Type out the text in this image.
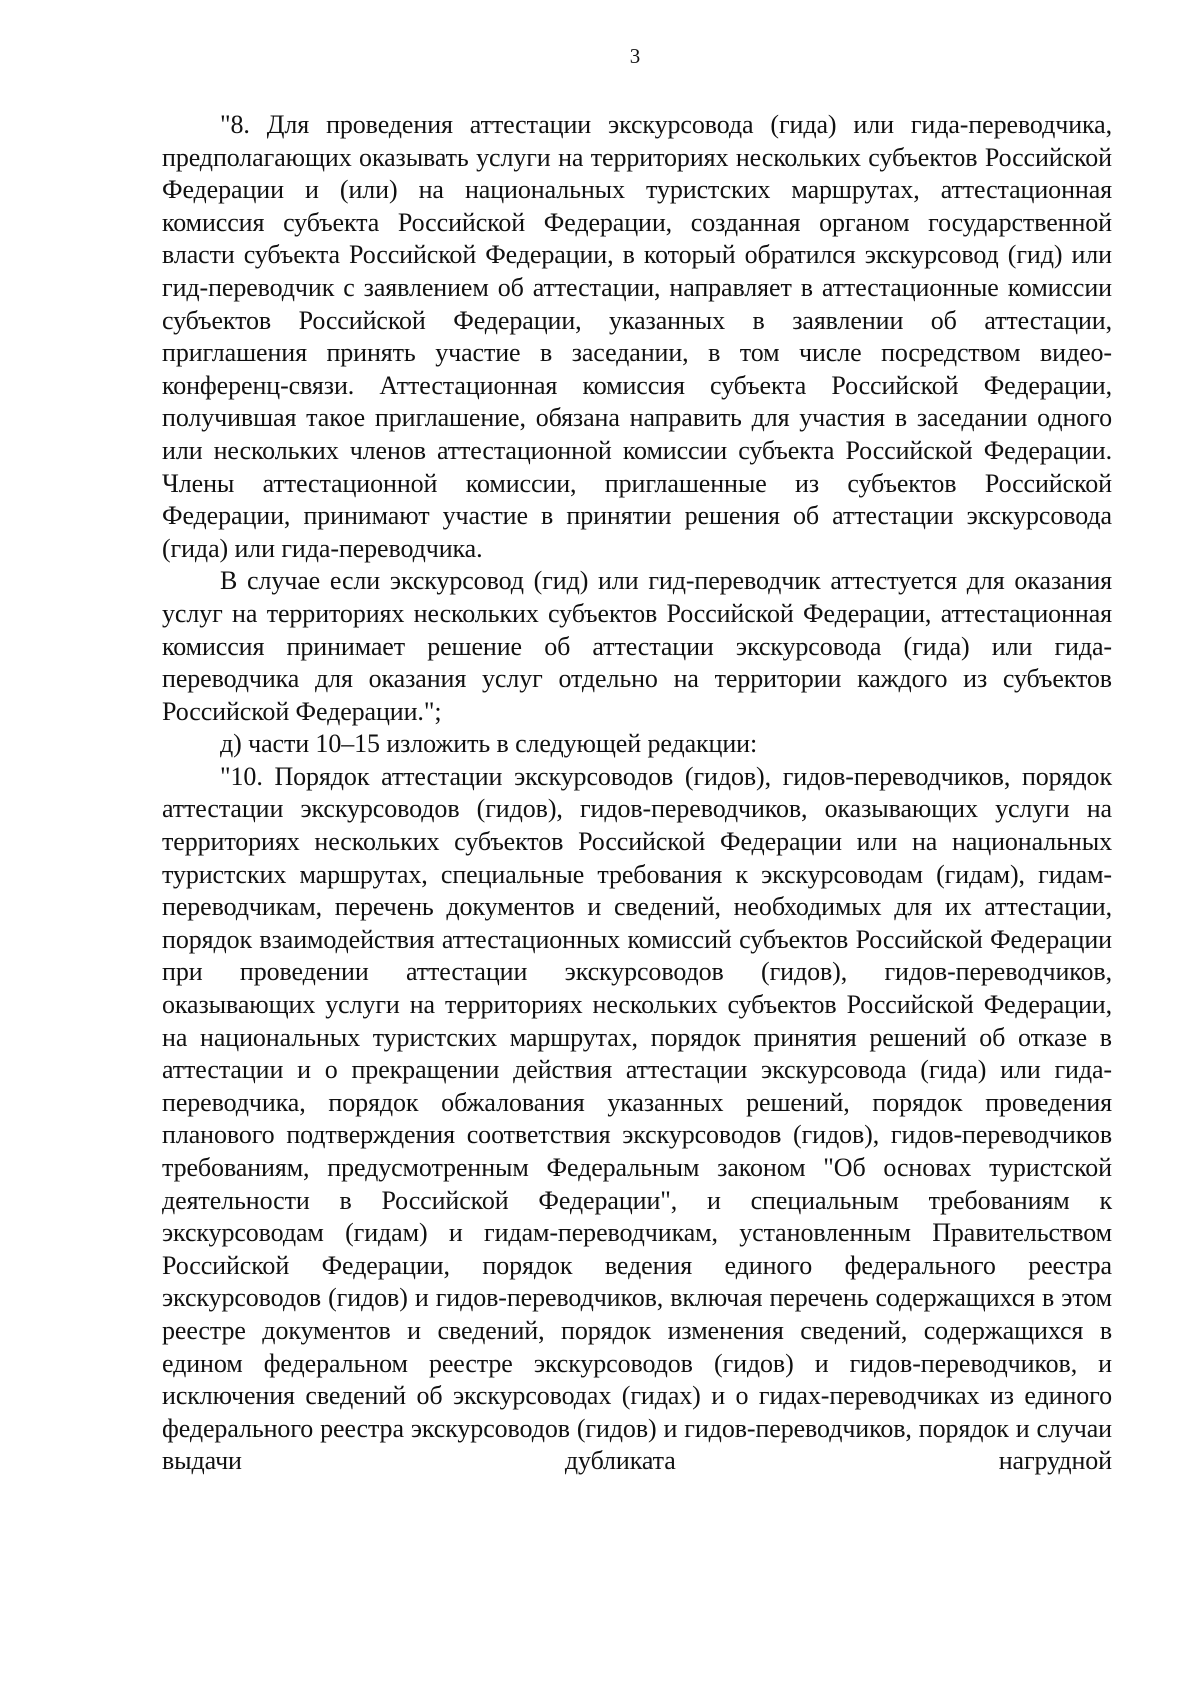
3

"8. Для проведения аттестации экскурсовода (гида) или гида-переводчика, предполагающих оказывать услуги на территориях нескольких субъектов Российской Федерации и (или) на национальных туристских маршрутах, аттестационная комиссия субъекта Российской Федерации, созданная органом государственной власти субъекта Российской Федерации, в который обратился экскурсовод (гид) или гид-переводчик с заявлением об аттестации, направляет в аттестационные комиссии субъектов Российской Федерации, указанных в заявлении об аттестации, приглашения принять участие в заседании, в том числе посредством видео-конференц-связи. Аттестационная комиссия субъекта Российской Федерации, получившая такое приглашение, обязана направить для участия в заседании одного или нескольких членов аттестационной комиссии субъекта Российской Федерации. Члены аттестационной комиссии, приглашенные из субъектов Российской Федерации, принимают участие в принятии решения об аттестации экскурсовода (гида) или гида-переводчика.

В случае если экскурсовод (гид) или гид-переводчик аттестуется для оказания услуг на территориях нескольких субъектов Российской Федерации, аттестационная комиссия принимает решение об аттестации экскурсовода (гида) или гида-переводчика для оказания услуг отдельно на территории каждого из субъектов Российской Федерации.";

д) части 10–15 изложить в следующей редакции:

"10. Порядок аттестации экскурсоводов (гидов), гидов-переводчиков, порядок аттестации экскурсоводов (гидов), гидов-переводчиков, оказывающих услуги на территориях нескольких субъектов Российской Федерации или на национальных туристских маршрутах, специальные требования к экскурсоводам (гидам), гидам-переводчикам, перечень документов и сведений, необходимых для их аттестации, порядок взаимодействия аттестационных комиссий субъектов Российской Федерации при проведении аттестации экскурсоводов (гидов), гидов-переводчиков, оказывающих услуги на территориях нескольких субъектов Российской Федерации, на национальных туристских маршрутах, порядок принятия решений об отказе в аттестации и о прекращении действия аттестации экскурсовода (гида) или гида-переводчика, порядок обжалования указанных решений, порядок проведения планового подтверждения соответствия экскурсоводов (гидов), гидов-переводчиков требованиям, предусмотренным Федеральным законом "Об основах туристской деятельности в Российской Федерации", и специальным требованиям к экскурсоводам (гидам) и гидам-переводчикам, установленным Правительством Российской Федерации, порядок ведения единого федерального реестра экскурсоводов (гидов) и гидов-переводчиков, включая перечень содержащихся в этом реестре документов и сведений, порядок изменения сведений, содержащихся в едином федеральном реестре экскурсоводов (гидов) и гидов-переводчиков, и исключения сведений об экскурсоводах (гидах) и о гидах-переводчиках из единого федерального реестра экскурсоводов (гидов) и гидов-переводчиков, порядок и случаи выдачи дубликата нагрудной
